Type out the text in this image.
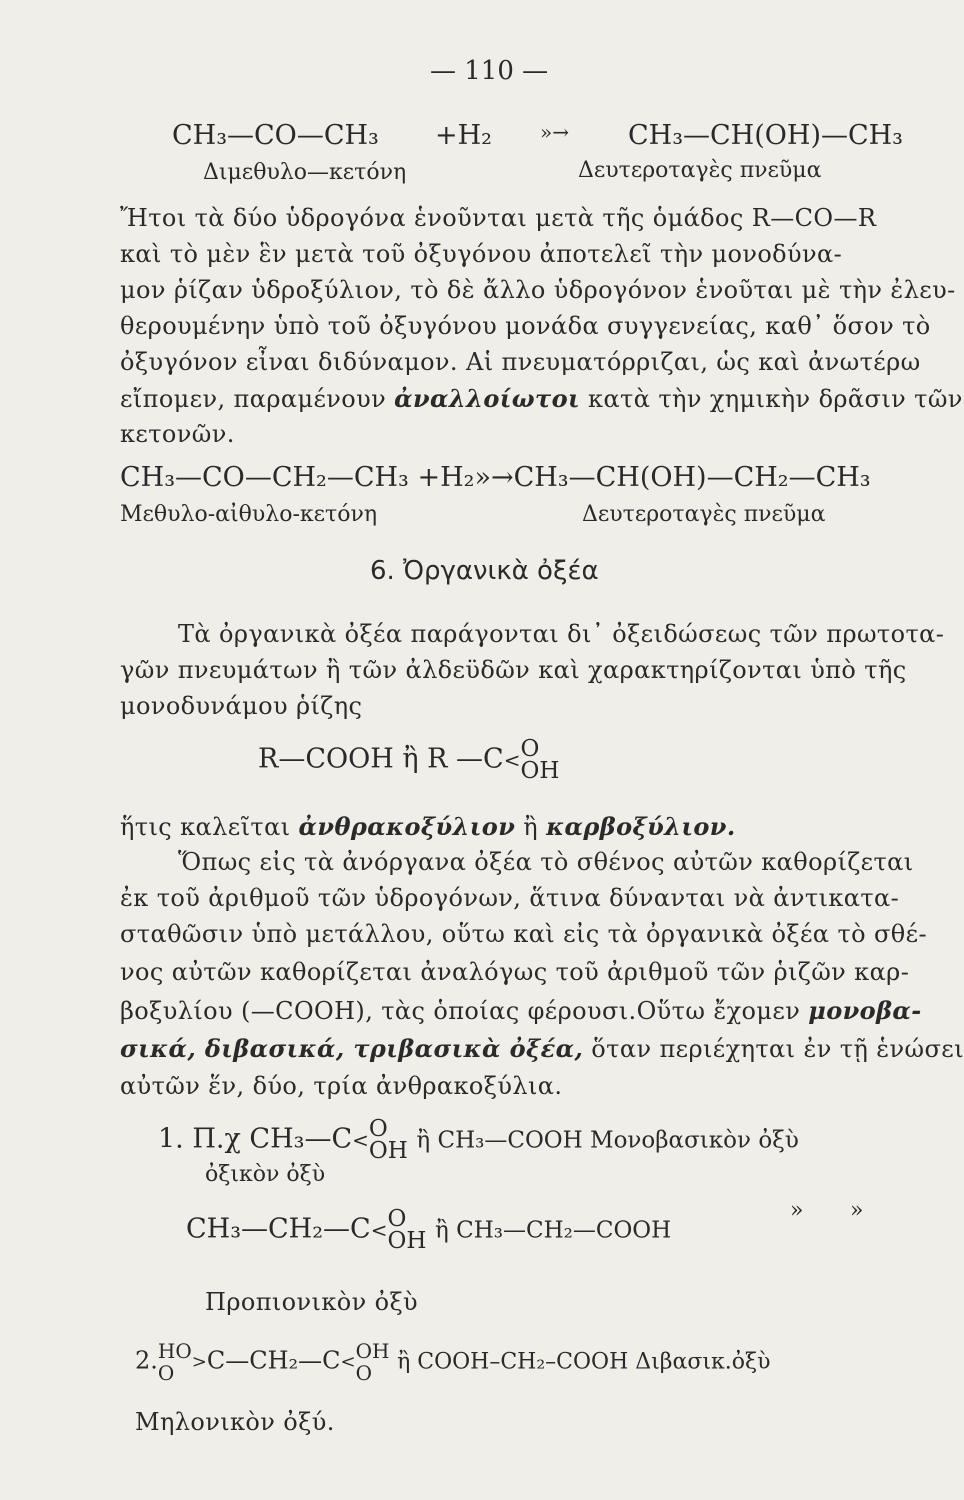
— 110 —
CH₃—CO—CH₃ +H₂ »→ CH₃—CH(OH)—CH₃
Διμεθυλο—κετόνη	Δευτεροταγὲς πνεῦμα
Ἤτοι τὰ δύο ὑδρογόνα ἑνοῦνται μετὰ τῆς ὁμάδος R—CO—R
καὶ τὸ μὲν ἓν μετὰ τοῦ ὀξυγόνου ἀποτελεῖ τὴν μονοδύνα-
μον ῥίζαν ὑδροξύλιον, τὸ δὲ ἄλλο ὑδρογόνον ἑνοῦται μὲ τὴν ἐλευ-
θερουμένην ὑπὸ τοῦ ὀξυγόνου μονάδα συγγενείας, καθ᾽ ὅσον τὸ
ὀξυγόνον εἶναι διδύναμον. Αἱ πνευματόρριζαι, ὡς καὶ ἀνωτέρω
εἴπομεν, παραμένουν ἀναλλοίωτοι κατὰ τὴν χημικὴν δρᾶσιν τῶν
κετονῶν.
CH₃—CO—CH₂—CH₃ +H₂»→CH₃—CH(OH)—CH₂—CH₃
Μεθυλο-αἰθυλο-κετόνη	Δευτεροταγὲς πνεῦμα
6. Ὀργανικὰ ὀξέα
Τὰ ὀργανικὰ ὀξέα παράγονται δι᾽ ὀξειδώσεως τῶν πρωτοτα-
γῶν πνευμάτων ἢ τῶν ἀλδεϋδῶν καὶ χαρακτηρίζονται ὑπὸ τῆς
μονοδυνάμου ῥίζης
R—COOH ἢ R —C< O
OH
ἥτις καλεῖται ἀνθρακοξύλιον ἢ καρβοξύλιον.
Ὅπως εἰς τὰ ἀνόργανα ὀξέα τὸ σθένος αὐτῶν καθορίζεται
ἐκ τοῦ ἀριθμοῦ τῶν ὑδρογόνων, ἅτινα δύνανται νὰ ἀντικατα-
σταθῶσιν ὑπὸ μετάλλου, οὕτω καὶ εἰς τὰ ὀργανικὰ ὀξέα τὸ σθέ-
νος αὐτῶν καθορίζεται ἀναλόγως τοῦ ἀριθμοῦ τῶν ῥιζῶν καρ-
βοξυλίου (—COOH), τὰς ὁποίας φέρουσι.Οὕτω ἔχομεν μονοβα-
σικά, διβασικά, τριβασικὰ ὀξέα, ὅταν περιέχηται ἐν τῇ ἑνώσει
αὐτῶν ἕν, δύο, τρία ἀνθρακοξύλια.
1. Π.χ CH₃—C< O
OH ἢ CH₃—COOH Μονοβασικὸν ὀξὺ
ὀξικὸν ὀξὺ
CH₃—CH₂—C< O
OH ἢ CH₃—CH₂—COOH
» »
Προπιονικὸν ὀξὺ
2. HO
O >C—CH₂—C< OH
O	ἢ COOH–CH₂–COOH Διβασικ.ὀξὺ
Μηλονικὸν ὀξύ.
